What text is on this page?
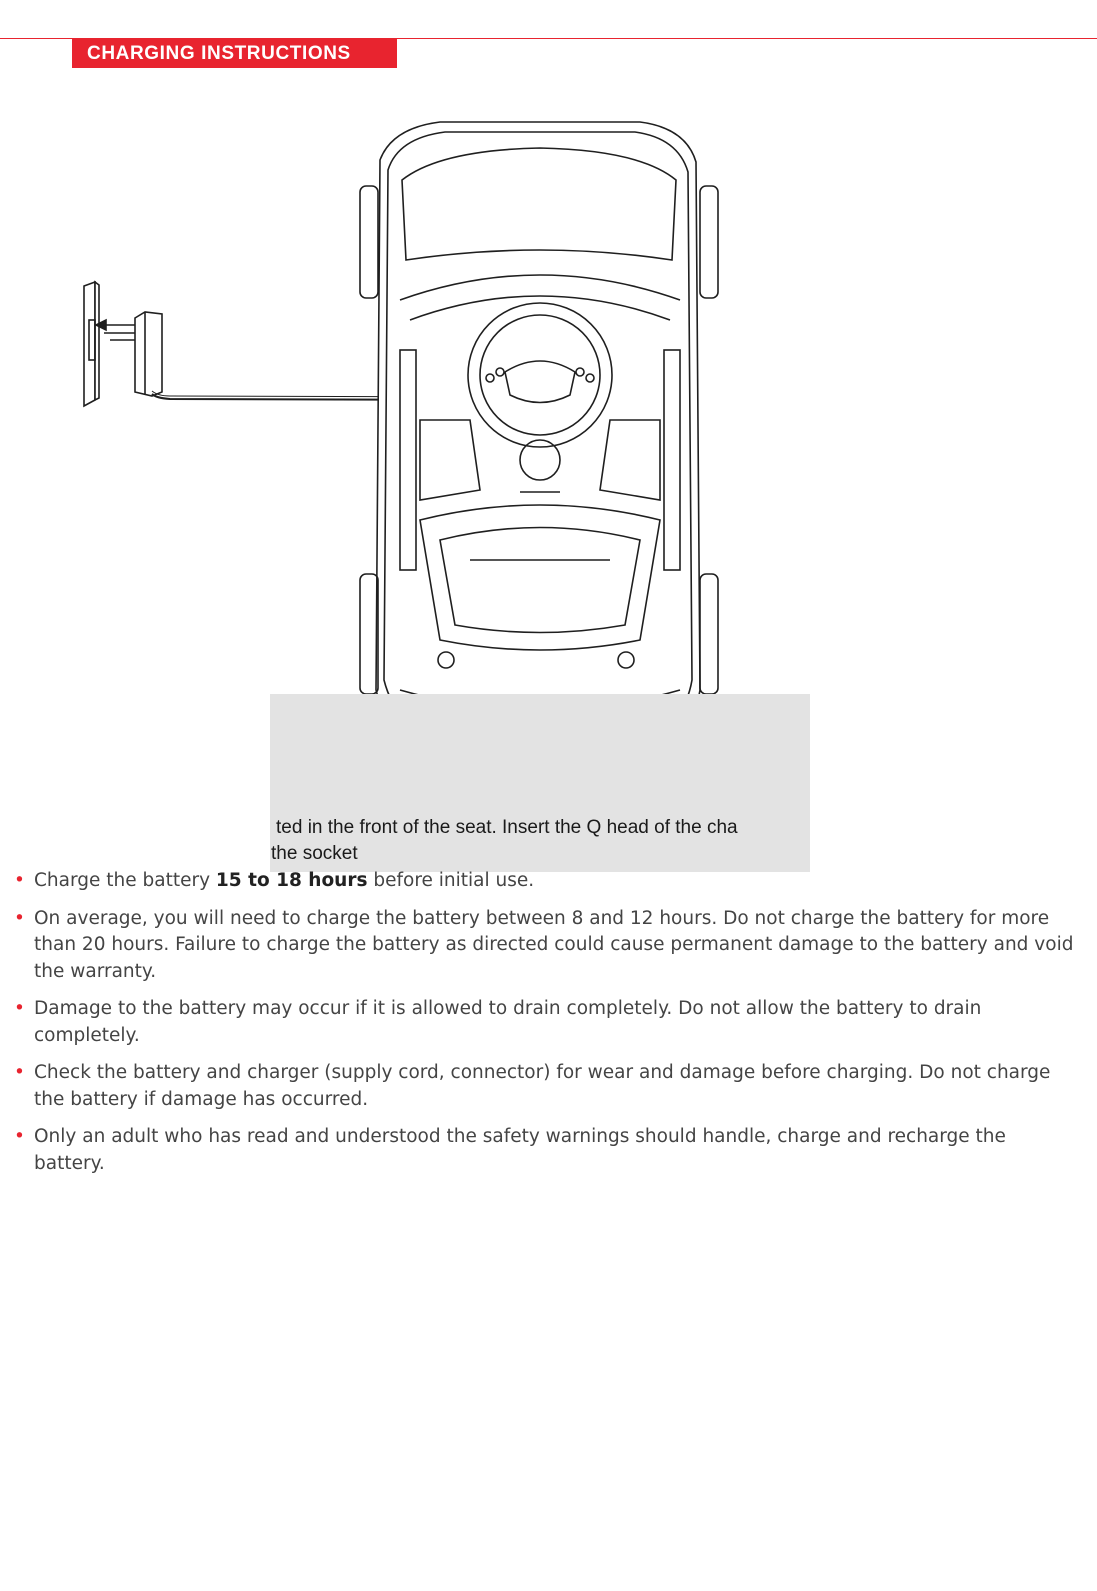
CHARGING INSTRUCTIONS
ted in the front of the seat. Insert the Q head of the cha
the socket
• Charge the battery 15 to 18 hours before initial use.
• On average, you will need to charge the battery between 8 and 12 hours. Do not charge the battery for more than 20 hours. Failure to charge the battery as directed could cause permanent damage to the battery and void the warranty.
• Damage to the battery may occur if it is allowed to drain completely. Do not allow the battery to drain completely.
• Check the battery and charger (supply cord, connector) for wear and damage before charging. Do not charge the battery if damage has occurred.
• Only an adult who has read and understood the safety warnings should handle, charge and recharge the battery.
